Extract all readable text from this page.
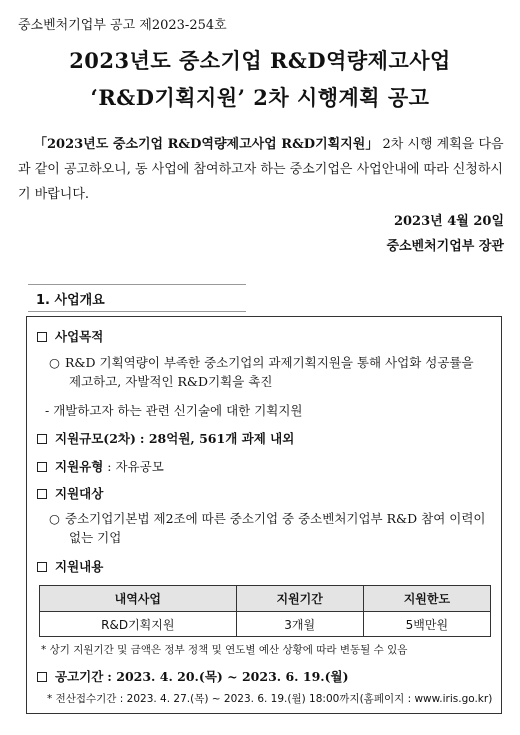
중소벤처기업부 공고 제2023-254호
2023년도 중소기업 R&D역량제고사업
‘R&D기획지원’ 2차 시행계획 공고
「2023년도 중소기업 R&D역량제고사업 R&D기획지원」 2차 시행 계획을 다음과 같이 공고하오니, 동 사업에 참여하고자 하는 중소기업은 사업안내에 따라 신청하시기 바랍니다.
2023년 4월 20일
중소벤처기업부 장관
1. 사업개요
사업목적
○ R&D 기획역량이 부족한 중소기업의 과제기획지원을 통해 사업화 성공률을
제고하고, 자발적인 R&D기획을 촉진
- 개발하고자 하는 관련 신기술에 대한 기획지원
지원규모(2차) : 28억원, 561개 과제 내외
지원유형 : 자유공모
지원대상
○ 중소기업기본법 제2조에 따른 중소기업 중 중소벤처기업부 R&D 참여 이력이
없는 기업
지원내용
내역사업	지원기간	지원한도
R&D기획지원	3개월	5백만원
* 상기 지원기간 및 금액은 정부 정책 및 연도별 예산 상황에 따라 변동될 수 있음
공고기간 : 2023. 4. 20.(목) ~ 2023. 6. 19.(월)
* 전산접수기간 : 2023. 4. 27.(목) ~ 2023. 6. 19.(월) 18:00까지(홈페이지 : www.iris.go.kr)
